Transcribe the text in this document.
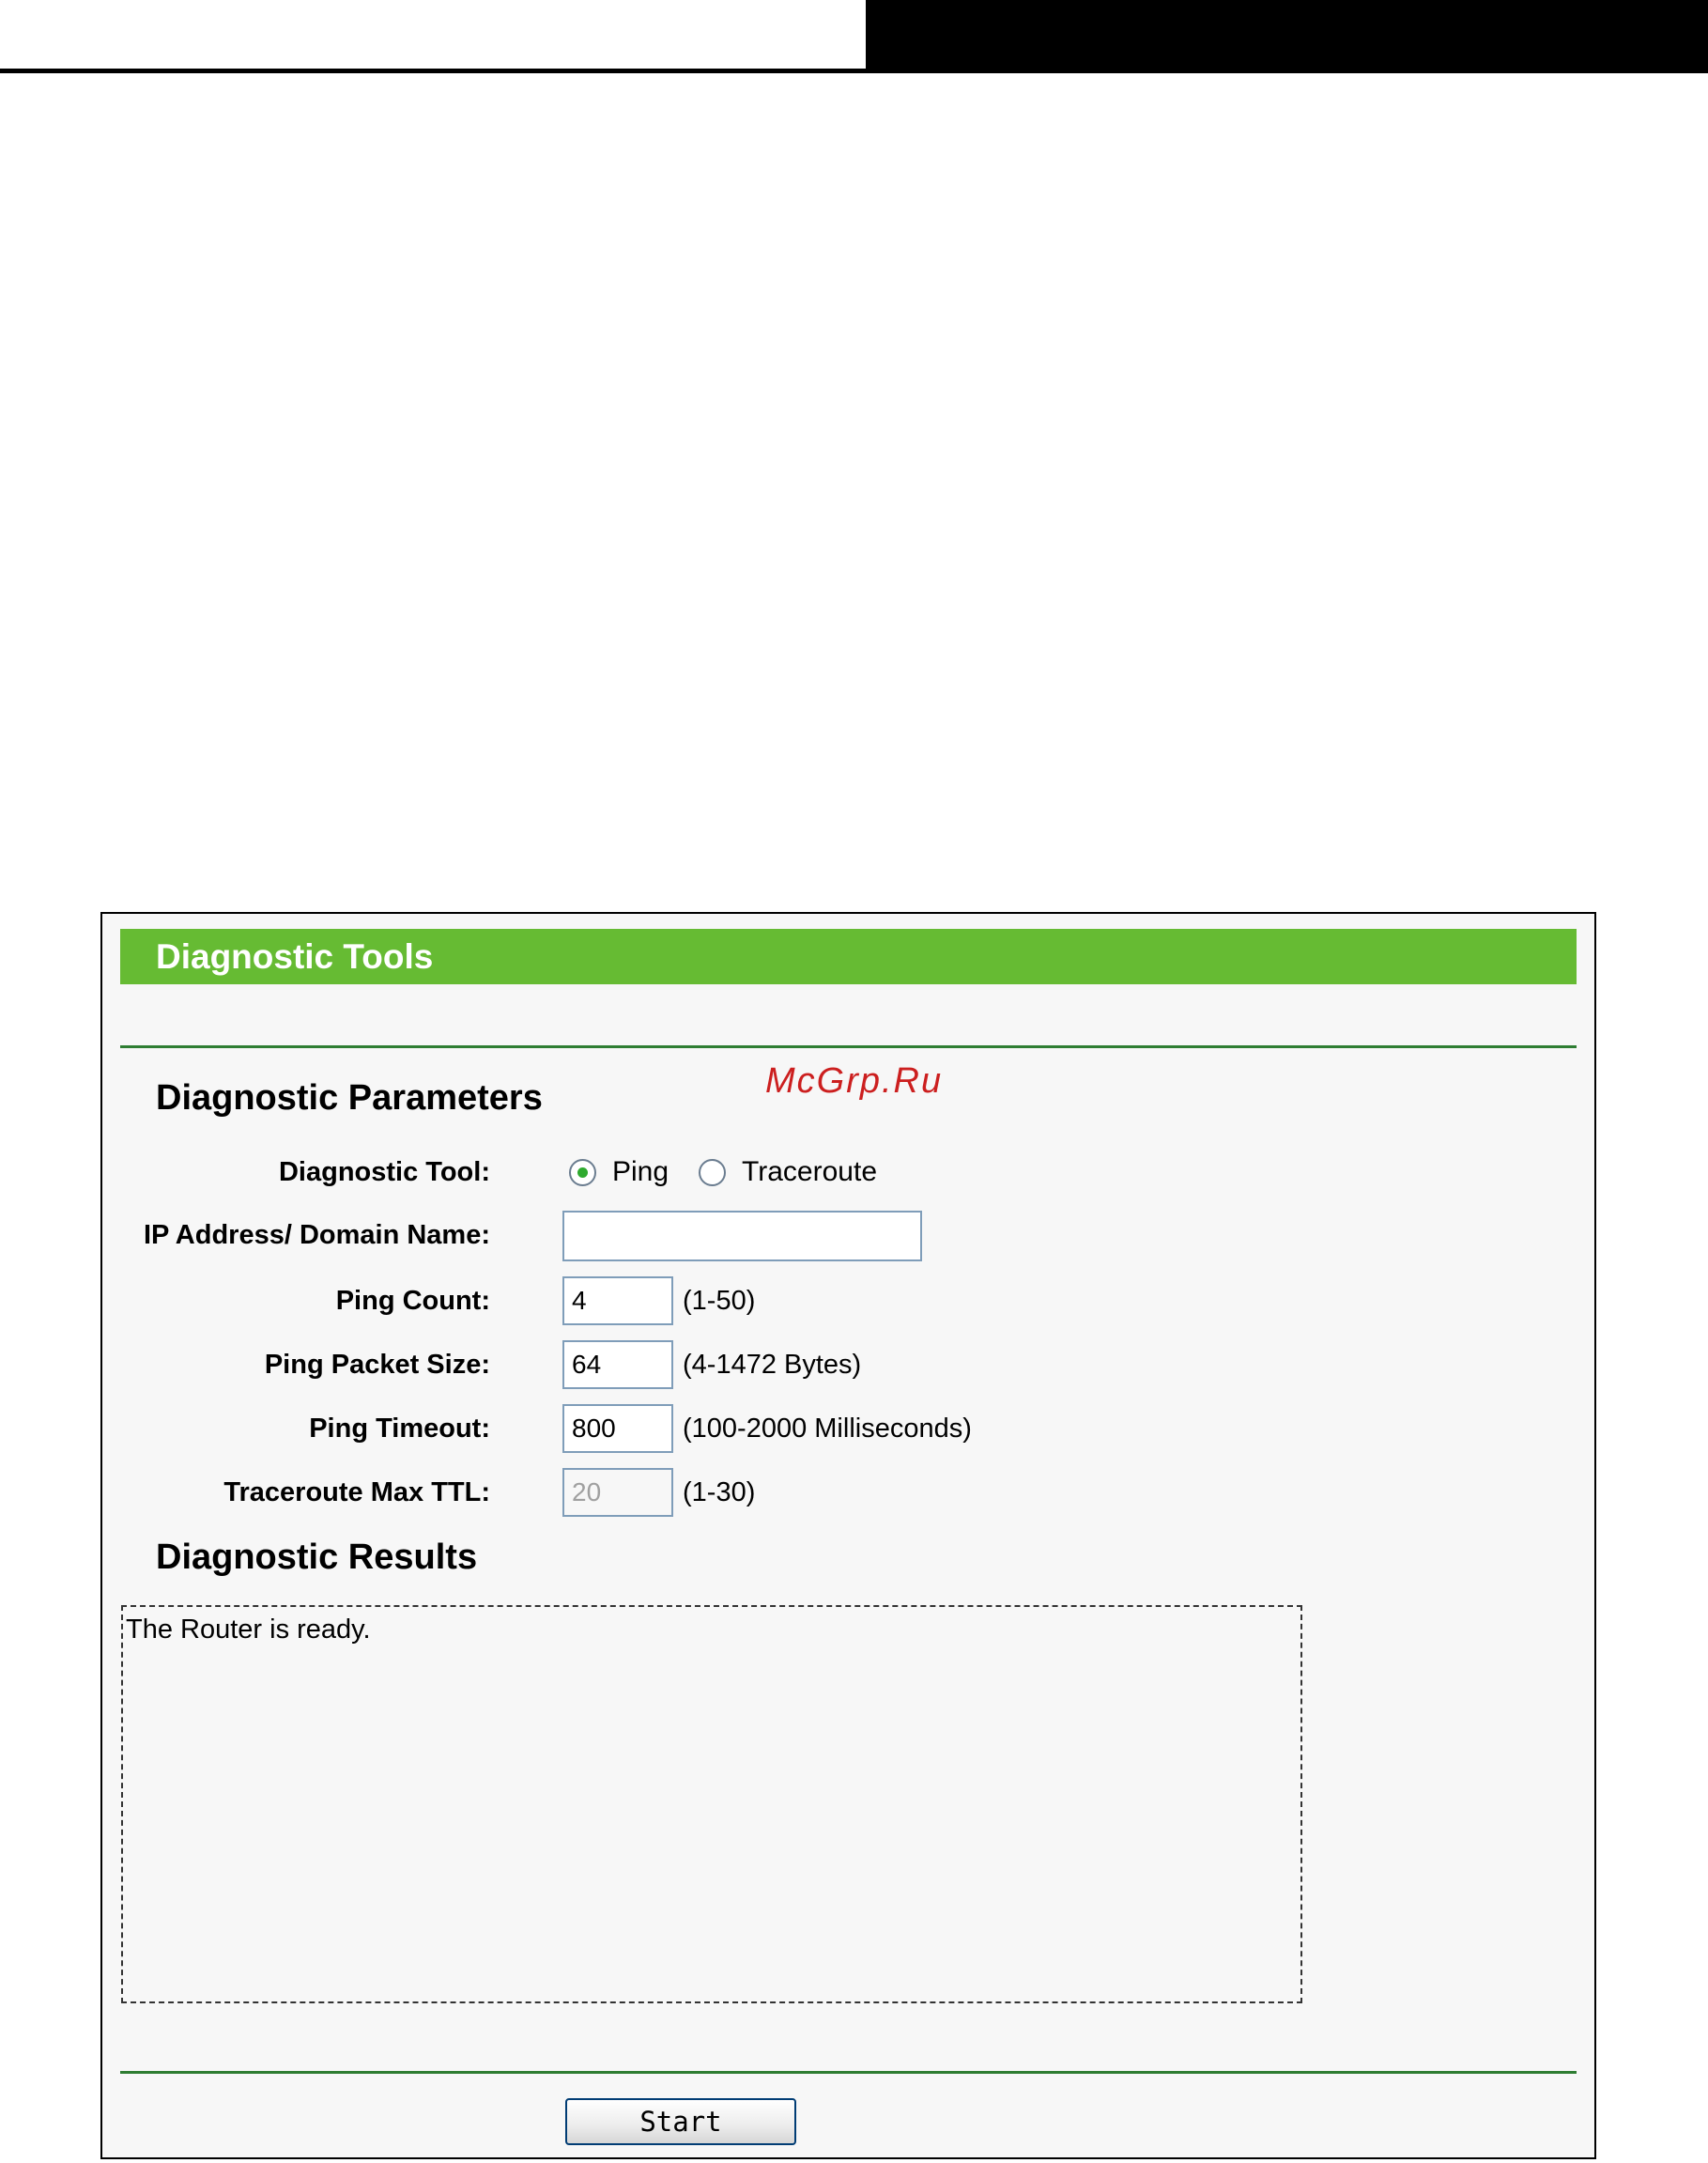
Diagnostic Tools
Diagnostic Parameters	McGrp.Ru
Diagnostic Tool:	Ping	Traceroute
IP Address/ Domain Name:
Ping Count:
4	(1-50)
Ping Packet Size:
64	(4-1472 Bytes)
Ping Timeout:
800	(100-2000 Milliseconds)
Traceroute Max TTL:
20	(1-30)
Diagnostic Results
The Router is ready.
Start
